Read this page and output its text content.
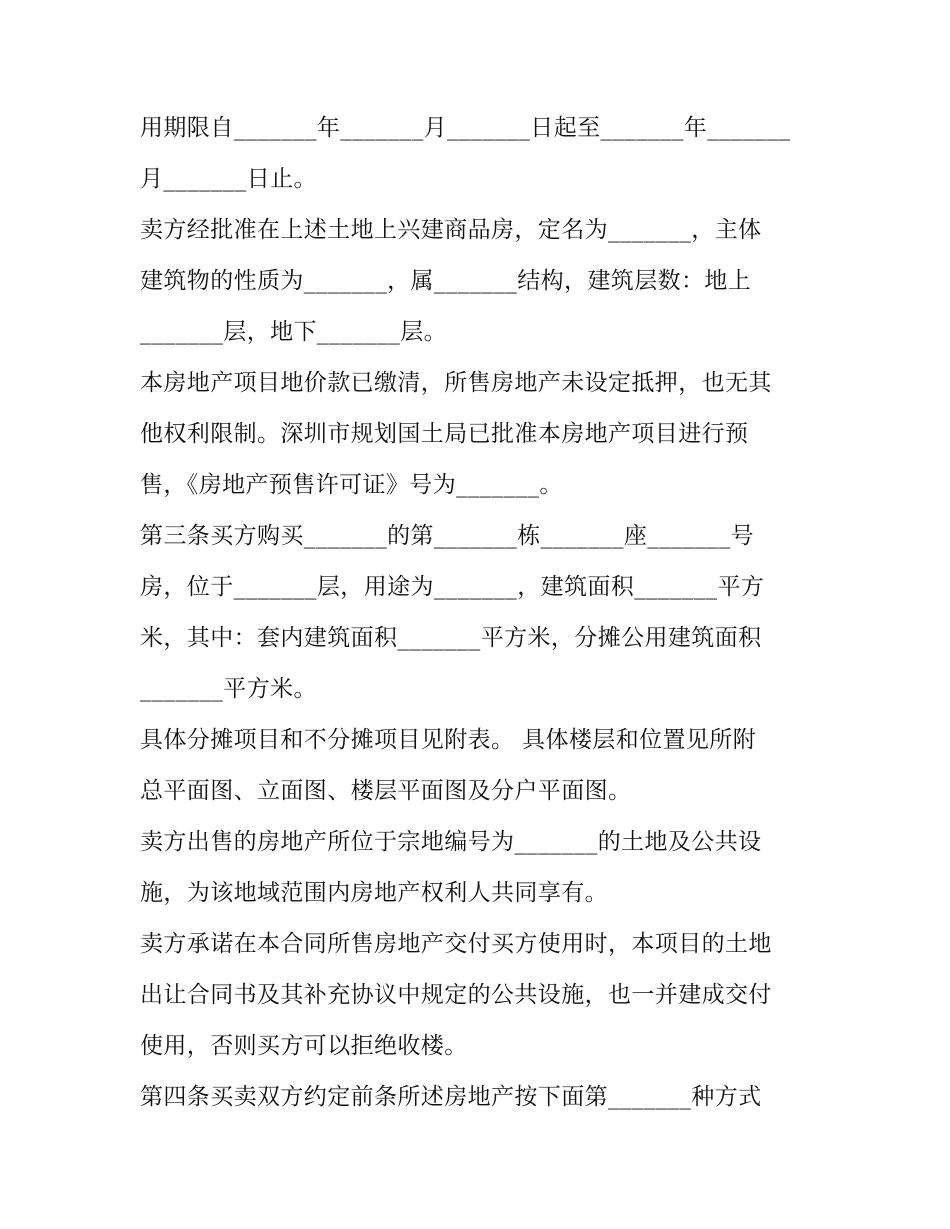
用期限自_______年_______月_______日起至_______年_______
月_______日止。
卖方经批准在上述土地上兴建商品房，定名为_______，主体
建筑物的性质为_______，属_______结构，建筑层数：地上
_______层，地下_______层。
本房地产项目地价款已缴清，所售房地产未设定抵押，也无其
他权利限制。深圳市规划国土局已批准本房地产项目进行预
售，《房地产预售许可证》号为_______。
第三条买方购买_______的第_______栋_______座_______号
房，位于_______层，用途为_______，建筑面积_______平方
米，其中：套内建筑面积_______平方米，分摊公用建筑面积
_______平方米。
具体分摊项目和不分摊项目见附表。 具体楼层和位置见所附
总平面图、立面图、楼层平面图及分户平面图。
卖方出售的房地产所位于宗地编号为_______的土地及公共设
施，为该地域范围内房地产权利人共同享有。
卖方承诺在本合同所售房地产交付买方使用时，本项目的土地
出让合同书及其补充协议中规定的公共设施，也一并建成交付
使用，否则买方可以拒绝收楼。
第四条买卖双方约定前条所述房地产按下面第_______种方式
